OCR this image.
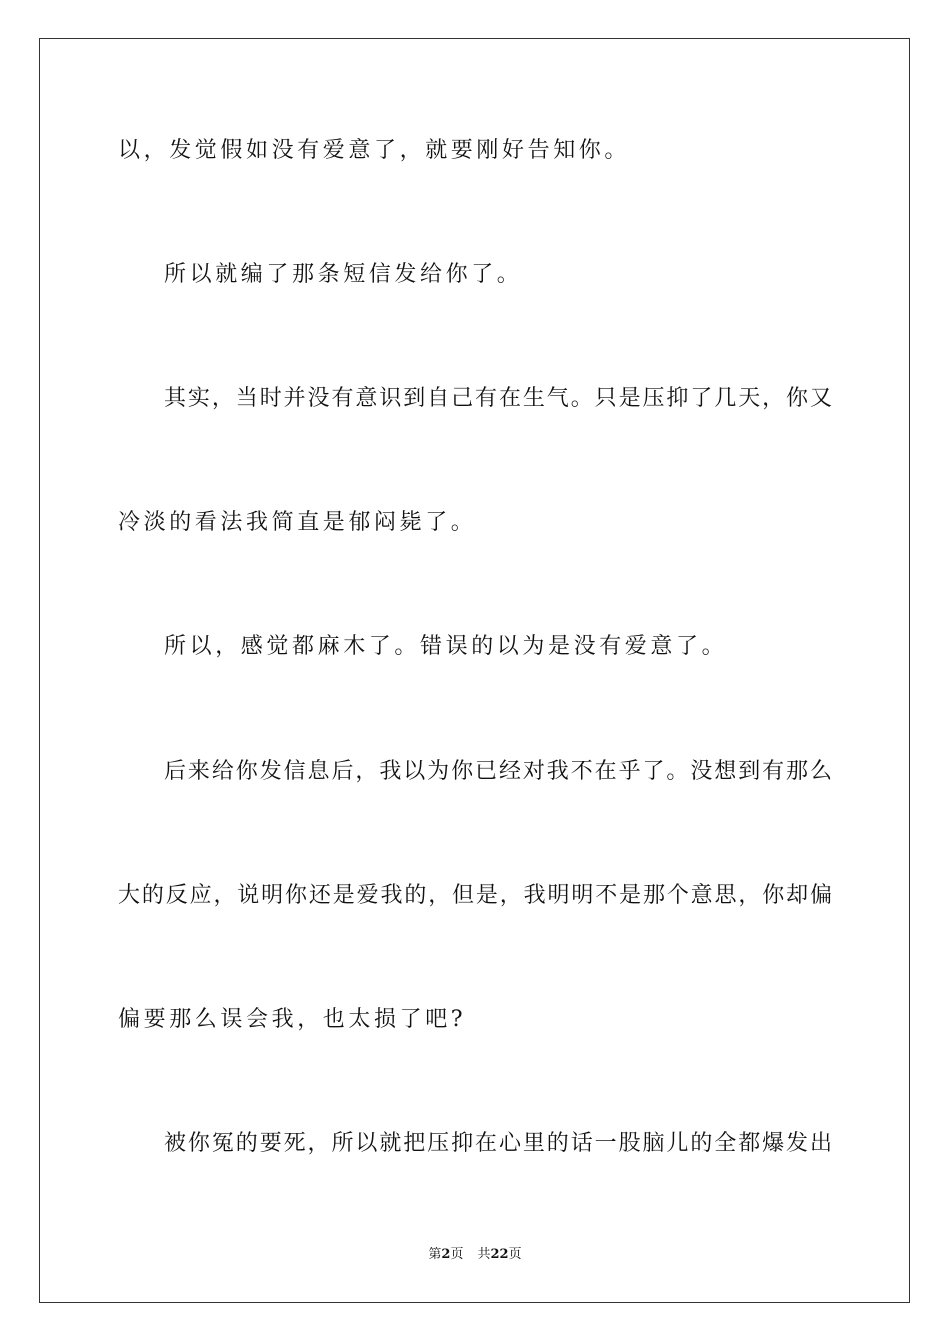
以，发觉假如没有爱意了，就要刚好告知你。
所以就编了那条短信发给你了。
其实，当时并没有意识到自己有在生气。只是压抑了几天，你又
冷淡的看法我简直是郁闷毙了。
所以，感觉都麻木了。错误的以为是没有爱意了。
后来给你发信息后，我以为你已经对我不在乎了。没想到有那么
大的反应，说明你还是爱我的，但是，我明明不是那个意思，你却偏
偏要那么误会我，也太损了吧?
被你冤的要死，所以就把压抑在心里的话一股脑儿的全都爆发出
第2页 共22页
